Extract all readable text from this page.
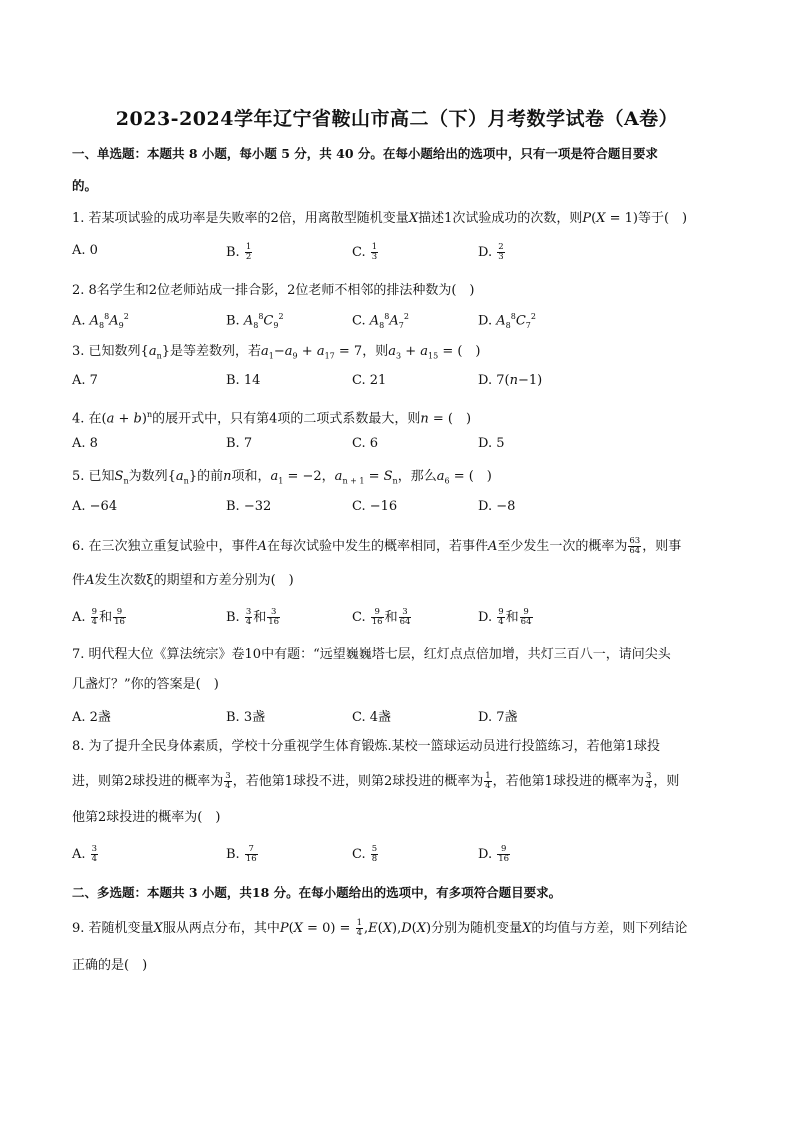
2023-2024学年辽宁省鞍山市高二（下）月考数学试卷（A卷）
一、单选题：本题共 8 小题，每小题 5 分，共 40 分。在每小题给出的选项中，只有一项是符合题目要求
的。
1. 若某项试验的成功率是失败率的2倍，用离散型随机变量X描述1次试验成功的次数，则P(X = 1)等于(　)
A. 0	B. $\frac{1}{2}$	C. $\frac{1}{3}$	D. $\frac{2}{3}$
2. 8名学生和2位老师站成一排合影，2位老师不相邻的排法种数为(　)
A. $A_8^8A_9^2$	B. $A_8^8C_9^2$	C. $A_8^8A_7^2$	D. $A_8^8C_7^2$
3. 已知数列$\{a_n\}$是等差数列，若$a_1-a_9 + a_{17} = 7$，则$a_3 + a_{15}$ = (　)
A. 7	B. 14	C. 21	D. 7(n−1)
4. 在$(a + b)^n$的展开式中，只有第4项的二项式系数最大，则n = (　)
A. 8	B. 7	C. 6	D. 5
5. 已知$S_n$为数列$\{a_n\}$的前n项和，$a_1 = -2$，$a_{n + 1} = S_n$，那么$a_6$ = (　)
A. −64	B. −32	C. −16	D. −8
6. 在三次独立重复试验中，事件A在每次试验中发生的概率相同，若事件A至少发生一次的概率为 $\frac{63}{64}$ ，则事
件A发生次数ξ的期望和方差分别为(　)
A. $\frac{9}{4}$ 和 $\frac{9}{16}$	B. $\frac{3}{4}$ 和 $\frac{3}{16}$	C. $\frac{9}{16}$ 和 $\frac{3}{64}$	D. $\frac{9}{4}$ 和 $\frac{9}{64}$
7. 明代程大位《算法统宗》卷10中有题：“远望巍巍塔七层，红灯点点倍加增，共灯三百八一，请问尖头
几盏灯？”你的答案是(　)
A. 2盏	B. 3盏	C. 4盏	D. 7盏
8. 为了提升全民身体素质，学校十分重视学生体育锻炼.某校一篮球运动员进行投篮练习，若他第1球投
进，则第2球投进的概率为 $\frac{3}{4}$ ，若他第1球投不进，则第2球投进的概率为 $\frac{1}{4}$ ，若他第1球投进的概率为 $\frac{3}{4}$ ，则
他第2球投进的概率为(　)
A. $\frac{3}{4}$	B. $\frac{7}{16}$	C. $\frac{5}{8}$	D. $\frac{9}{16}$
二、多选题：本题共 3 小题，共18 分。在每小题给出的选项中，有多项符合题目要求。
9. 若随机变量X服从两点分布，其中$P(X = 0) = \frac{1}{4} ,E(X),D(X)$分别为随机变量X的均值与方差，则下列结论
正确的是(　)
